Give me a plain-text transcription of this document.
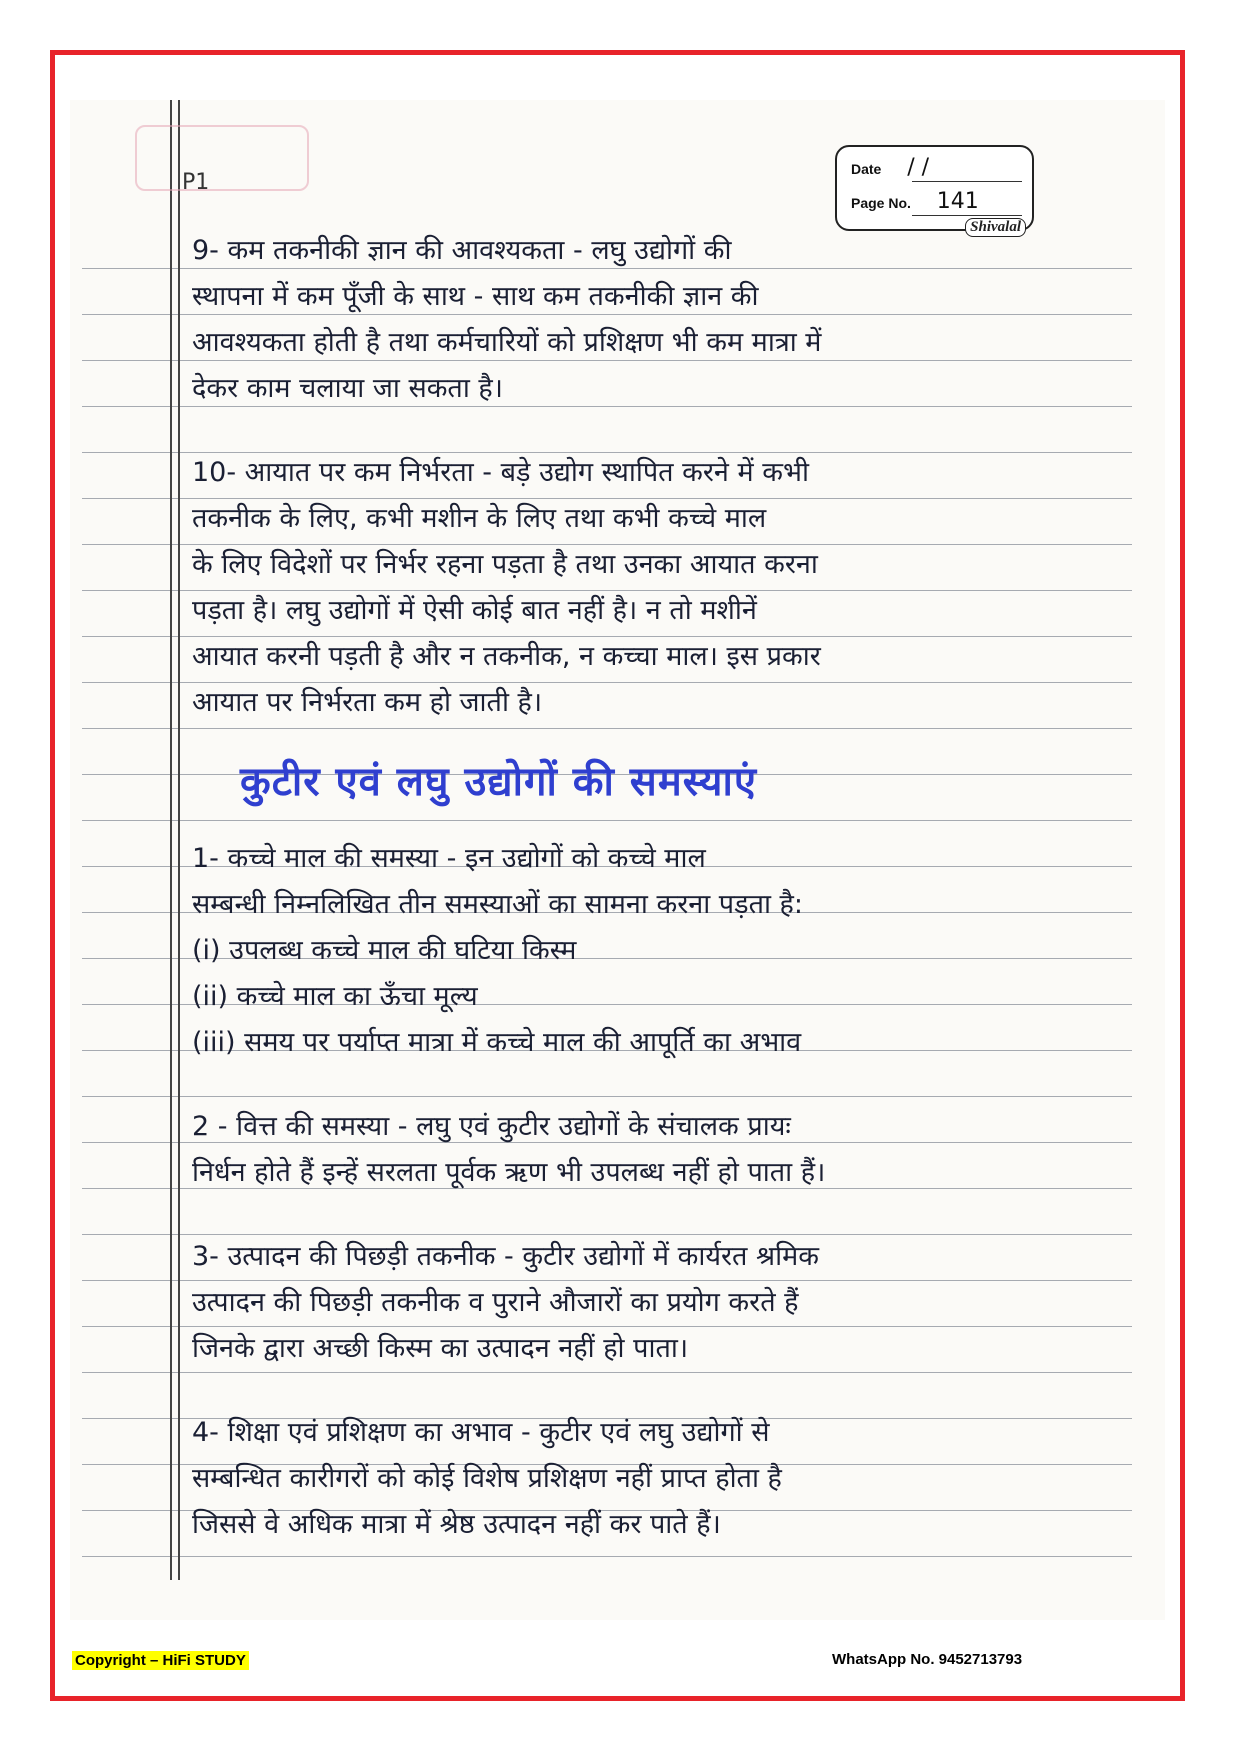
P1
Date / /
Page No. 141
Shivalal
9- कम तकनीकी ज्ञान की आवश्यकता - लघु उद्योगों की
स्थापना में कम पूँजी के साथ - साथ कम तकनीकी ज्ञान की
आवश्यकता होती है तथा कर्मचारियों को प्रशिक्षण भी कम मात्रा में
देकर काम चलाया जा सकता है।
10- आयात पर कम निर्भरता - बड़े उद्योग स्थापित करने में कभी
तकनीक के लिए, कभी मशीन के लिए तथा कभी कच्चे माल
के लिए विदेशों पर निर्भर रहना पड़ता है तथा उनका आयात करना
पड़ता है। लघु उद्योगों में ऐसी कोई बात नहीं है। न तो मशीनें
आयात करनी पड़ती है और न तकनीक, न कच्चा माल। इस प्रकार
आयात पर निर्भरता कम हो जाती है।
कुटीर एवं लघु उद्योगों की समस्याएं
1- कच्चे माल की समस्या - इन उद्योगों को कच्चे माल
सम्बन्धी निम्नलिखित तीन समस्याओं का सामना करना पड़ता है:
(i) उपलब्ध कच्चे माल की घटिया किस्म
(ii) कच्चे माल का ऊँचा मूल्य
(iii) समय पर पर्याप्त मात्रा में कच्चे माल की आपूर्ति का अभाव
2 - वित्त की समस्या - लघु एवं कुटीर उद्योगों के संचालक प्रायः
निर्धन होते हैं इन्हें सरलता पूर्वक ऋण भी उपलब्ध नहीं हो पाता हैं।
3- उत्पादन की पिछड़ी तकनीक - कुटीर उद्योगों में कार्यरत श्रमिक
उत्पादन की पिछड़ी तकनीक व पुराने औजारों का प्रयोग करते हैं
जिनके द्वारा अच्छी किस्म का उत्पादन नहीं हो पाता।
4- शिक्षा एवं प्रशिक्षण का अभाव - कुटीर एवं लघु उद्योगों से
सम्बन्धित कारीगरों को कोई विशेष प्रशिक्षण नहीं प्राप्त होता है
जिससे वे अधिक मात्रा में श्रेष्ठ उत्पादन नहीं कर पाते हैं।
Copyright – HiFi STUDY	WhatsApp No. 9452713793
